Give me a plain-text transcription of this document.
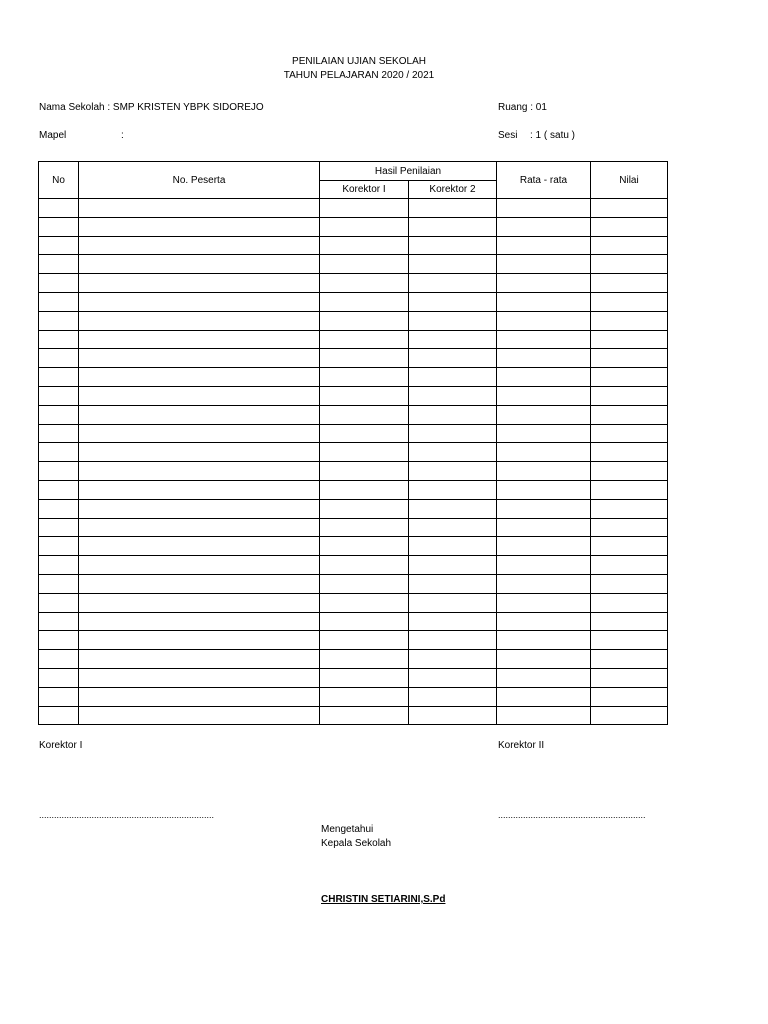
PENILAIAN UJIAN SEKOLAH
TAHUN PELAJARAN 2020 / 2021
Nama Sekolah : SMP KRISTEN YBPK SIDOREJO	Ruang : 01
Mapel	:	Sesi : 1 ( satu )
No	No. Peserta	Hasil Penilaian		Rata - rata	Nilai
		Korektor I	Korektor 2		

Korektor I	Korektor II
......................................................................	...........................................................
Mengetahui
Kepala Sekolah
CHRISTIN SETIARINI,S.Pd
